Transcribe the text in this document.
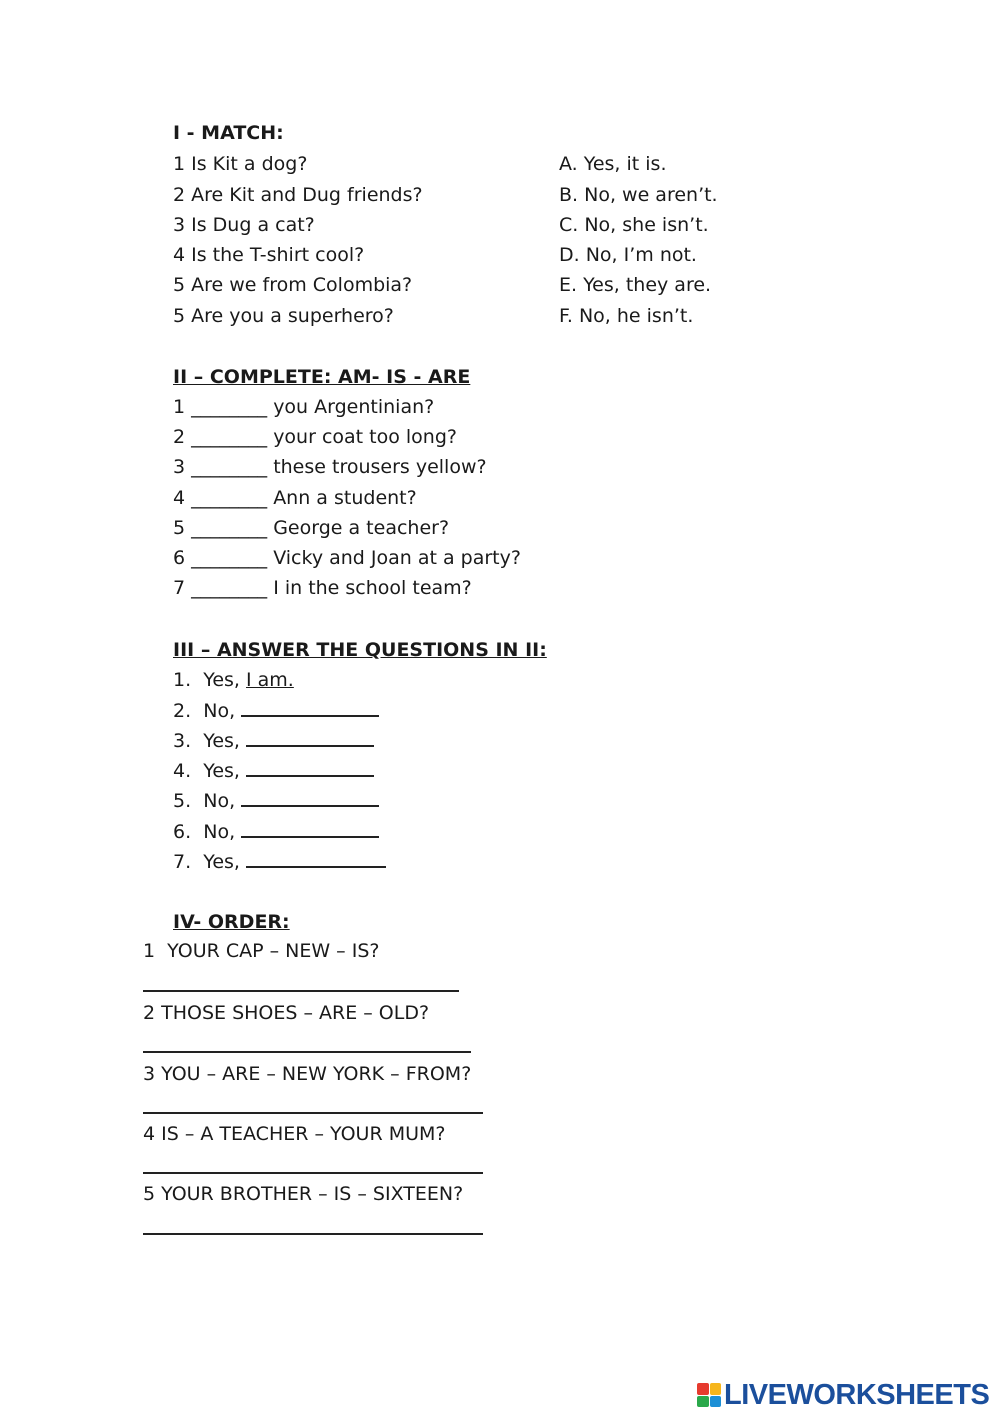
I - MATCH:
1 Is Kit a dog?
2 Are Kit and Dug friends?
3 Is Dug a cat?
4 Is the T-shirt cool?
5 Are we from Colombia?
5 Are you a superhero?
A. Yes, it is.
B. No, we aren’t.
C. No, she isn’t.
D. No, I’m not.
E. Yes, they are.
F. No, he isn’t.
II – COMPLETE: AM- IS - ARE
1 ________ you Argentinian?
2 ________ your coat too long?
3 ________ these trousers yellow?
4 ________ Ann a student?
5 ________ George a teacher?
6 ________ Vicky and Joan at a party?
7 ________ I in the school team?
III – ANSWER THE QUESTIONS IN II:
1. Yes, I am.
2. No,
3. Yes,
4. Yes,
5. No,
6. No,
7. Yes,
IV- ORDER:
1  YOUR CAP – NEW – IS?
2 THOSE SHOES – ARE – OLD?
3 YOU – ARE – NEW YORK – FROM?
4 IS – A TEACHER – YOUR MUM?
5 YOUR BROTHER – IS – SIXTEEN?
LIVEWORKSHEETS
